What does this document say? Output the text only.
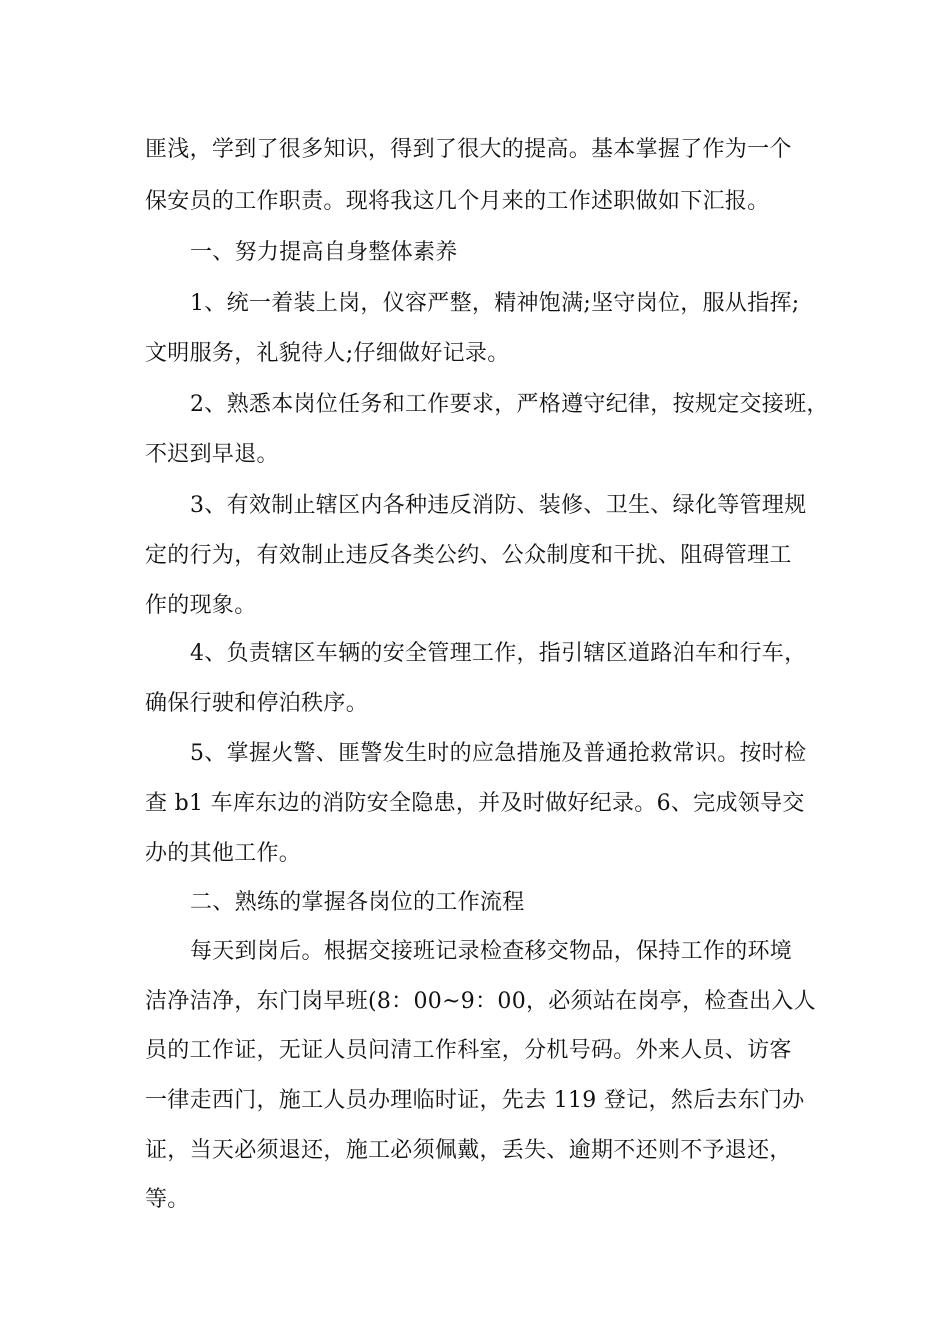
匪浅，学到了很多知识，得到了很大的提高。基本掌握了作为一个
保安员的工作职责。现将我这几个月来的工作述职做如下汇报。
一、努力提高自身整体素养
1、统一着装上岗，仪容严整，精神饱满;坚守岗位，服从指挥;
文明服务，礼貌待人;仔细做好记录。
2、熟悉本岗位任务和工作要求，严格遵守纪律，按规定交接班，
不迟到早退。
3、有效制止辖区内各种违反消防、装修、卫生、绿化等管理规
定的行为，有效制止违反各类公约、公众制度和干扰、阻碍管理工
作的现象。
4、负责辖区车辆的安全管理工作，指引辖区道路泊车和行车，
确保行驶和停泊秩序。
5、掌握火警、匪警发生时的应急措施及普通抢救常识。按时检
查 b1 车库东边的消防安全隐患，并及时做好纪录。6、完成领导交
办的其他工作。
二、熟练的掌握各岗位的工作流程
每天到岗后。根据交接班记录检查移交物品，保持工作的环境
洁净洁净，东门岗早班(8：00~9：00，必须站在岗亭，检查出入人
员的工作证，无证人员问清工作科室，分机号码。外来人员、访客
一律走西门，施工人员办理临时证，先去 119 登记，然后去东门办
证，当天必须退还，施工必须佩戴，丢失、逾期不还则不予退还，
等。
